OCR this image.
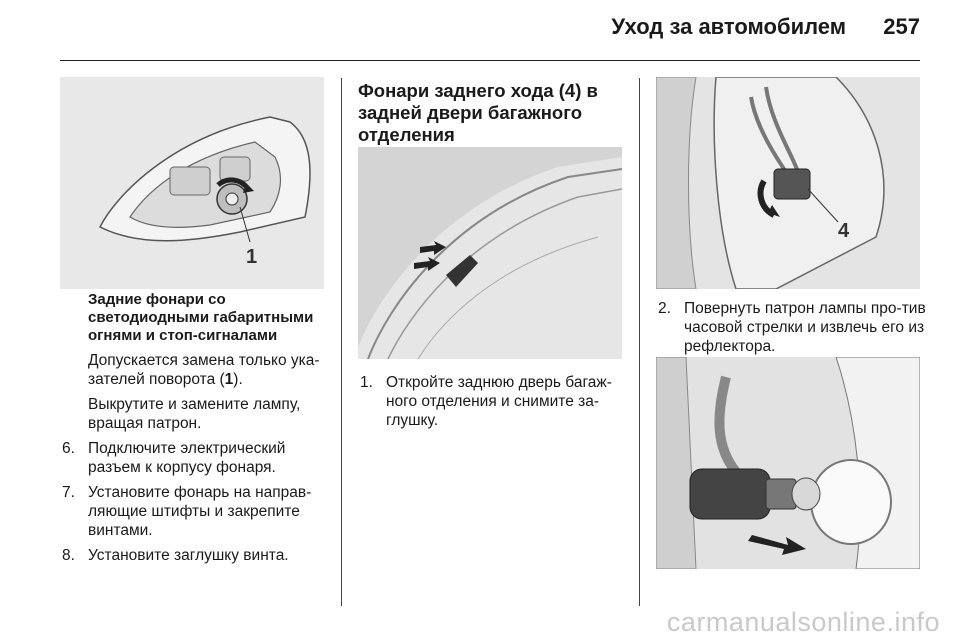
Уход за автомобилем 257
1

Задние фонари со светодиодными габаритными огнями и стоп-сигналами

Допускается замена только ука-зателей поворота (1).

Выкрутите и замените лампу, вращая патрон.

6. Подключите электрический разъем к корпусу фонаря.
7. Установите фонарь на направ-ляющие штифты и закрепите винтами.
8. Установите заглушку винта.
Фонари заднего хода (4) в задней двери багажного отделения
1. Откройте заднюю дверь багаж-ного отделения и снимите за-глушку.
4
2. Повернуть патрон лампы про-тив часовой стрелки и извлечь его из рефлектора.
carmanualsonline.info
